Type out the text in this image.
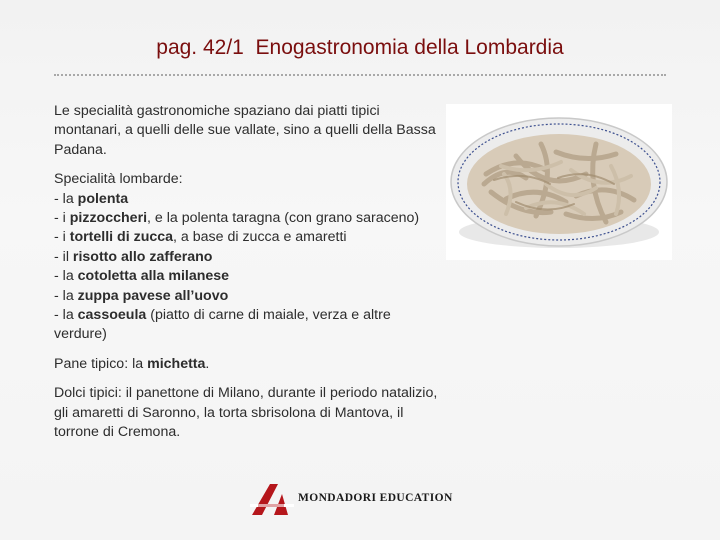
pag. 42/1  Enogastronomia della Lombardia

Le specialità gastronomiche spaziano dai piatti tipici montanari, a quelli delle sue vallate, sino a quelli della Bassa Padana.

Specialità lombarde:
- la polenta
- i pizzoccheri, e la polenta taragna (con grano saraceno)
- i tortelli di zucca, a base di zucca e amaretti
- il risotto allo zafferano
- la cotoletta alla milanese
- la zuppa pavese all’uovo
- la cassoeula (piatto di carne di maiale, verza e altre verdure)

Pane tipico: la michetta.

Dolci tipici: il panettone di Milano, durante il periodo natalizio, gli amaretti di Saronno, la torta sbrisolona di Mantova, il torrone di Cremona.

MONDADORI EDUCATION
